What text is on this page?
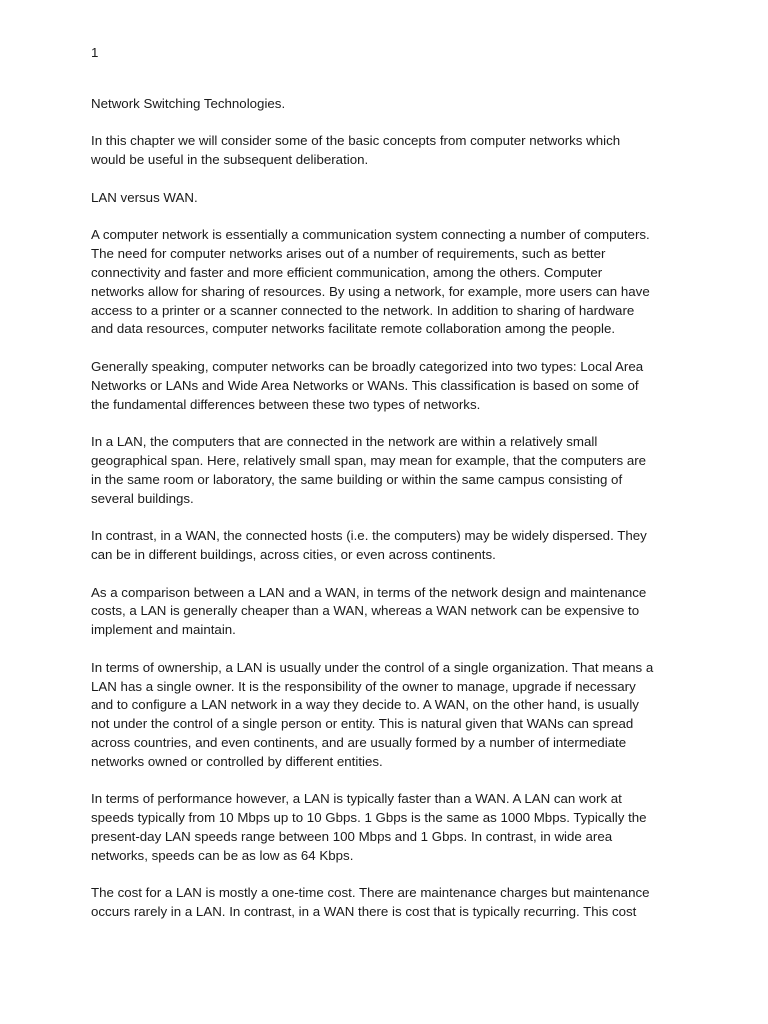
1

Network Switching Technologies.

In this chapter we will consider some of the basic concepts from computer networks which
would be useful in the subsequent deliberation.

LAN versus WAN.

A computer network is essentially a communication system connecting a number of computers.
The need for computer networks arises out of a number of requirements, such as better
connectivity and faster and more efficient communication, among the others. Computer
networks allow for sharing of resources. By using a network, for example, more users can have
access to a printer or a scanner connected to the network. In addition to sharing of hardware
and data resources, computer networks facilitate remote collaboration among the people.

Generally speaking, computer networks can be broadly categorized into two types: Local Area
Networks or LANs and Wide Area Networks or WANs. This classification is based on some of
the fundamental differences between these two types of networks.

In a LAN, the computers that are connected in the network are within a relatively small
geographical span. Here, relatively small span, may mean for example, that the computers are
in the same room or laboratory, the same building or within the same campus consisting of
several buildings.

In contrast, in a WAN, the connected hosts (i.e. the computers) may be widely dispersed. They
can be in different buildings, across cities, or even across continents.

As a comparison between a LAN and a WAN, in terms of the network design and maintenance
costs, a LAN is generally cheaper than a WAN, whereas a WAN network can be expensive to
implement and maintain.

In terms of ownership, a LAN is usually under the control of a single organization. That means a
LAN has a single owner. It is the responsibility of the owner to manage, upgrade if necessary
and to configure a LAN network in a way they decide to. A WAN, on the other hand, is usually
not under the control of a single person or entity. This is natural given that WANs can spread
across countries, and even continents, and are usually formed by a number of intermediate
networks owned or controlled by different entities.

In terms of performance however, a LAN is typically faster than a WAN. A LAN can work at
speeds typically from 10 Mbps up to 10 Gbps. 1 Gbps is the same as 1000 Mbps. Typically the
present-day LAN speeds range between 100 Mbps and 1 Gbps. In contrast, in wide area
networks, speeds can be as low as 64 Kbps.

The cost for a LAN is mostly a one-time cost. There are maintenance charges but maintenance
occurs rarely in a LAN. In contrast, in a WAN there is cost that is typically recurring. This cost
